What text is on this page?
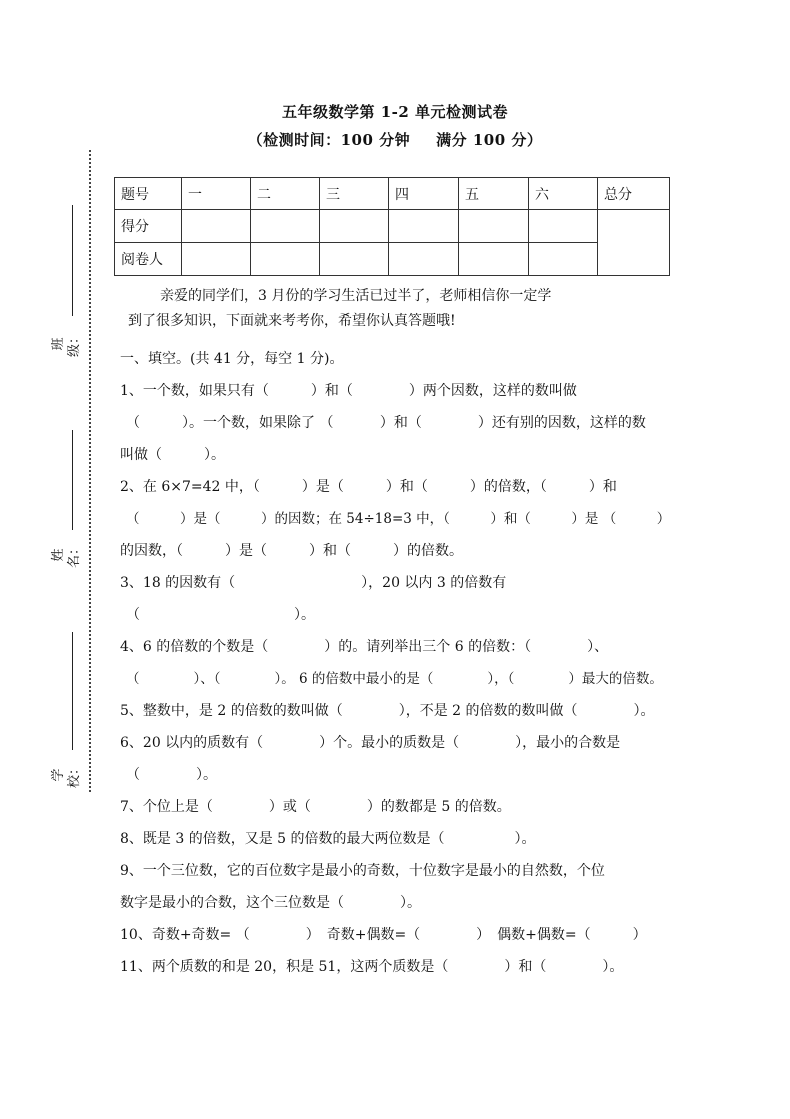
五年级数学第 1-2 单元检测试卷
（检测时间：100 分钟 满分 100 分）
班级：
姓名：
学校：
题号	一	二	三	四	五	六	总分
得分							
阅卷人							

亲爱的同学们，3 月份的学习生活已过半了，老师相信你一定学

到了很多知识，下面就来考考你，希望你认真答题哦!

一、填空。(共 41 分，每空 1 分)。
1、一个数，如果只有（　　　）和（　　　　）两个因数，这样的数叫做
（　　　）。一个数，如果除了 （　　　 ）和（　　　　）还有别的因数，这样的数
叫做（　　　）。
2、在 6×7=42 中，（　　　）是（　　　）和（　　　）的倍数，（　　　）和
（　　　）是（　　　）的因数；在 54÷18=3 中，（　　　）和（　　　）是 （　　　）
的因数，（　　　）是（　　　）和（　　　）的倍数。
3、18 的因数有（　　　　　　　　　），20 以内 3 的倍数有
（　　　　　　　　　　　）。
4、6 的倍数的个数是（　　　　）的。请列举出三个 6 的倍数：（　　　　）、
（　　　　）、（　　　　）。 6 的倍数中最小的是（　　　　），（　　　　）最大的倍数。
5、整数中，是 2 的倍数的数叫做（　　　　），不是 2 的倍数的数叫做（　　　　）。
6、20 以内的质数有（　　　　）个。最小的质数是（　　　　），最小的合数是
（　　　　）。
7、个位上是（　　　　）或（　　　　）的数都是 5 的倍数。
8、既是 3 的倍数，又是 5 的倍数的最大两位数是（　　　　　）。
9、一个三位数，它的百位数字是最小的奇数，十位数字是最小的自然数，个位
数字是最小的合数，这个三位数是（　　　　）。
10、奇数+奇数= （　　　　）　奇数+偶数=（　　　　）　偶数+偶数=（　　　）
11、两个质数的和是 20，积是 51，这两个质数是（　　　　）和（　　　　）。
